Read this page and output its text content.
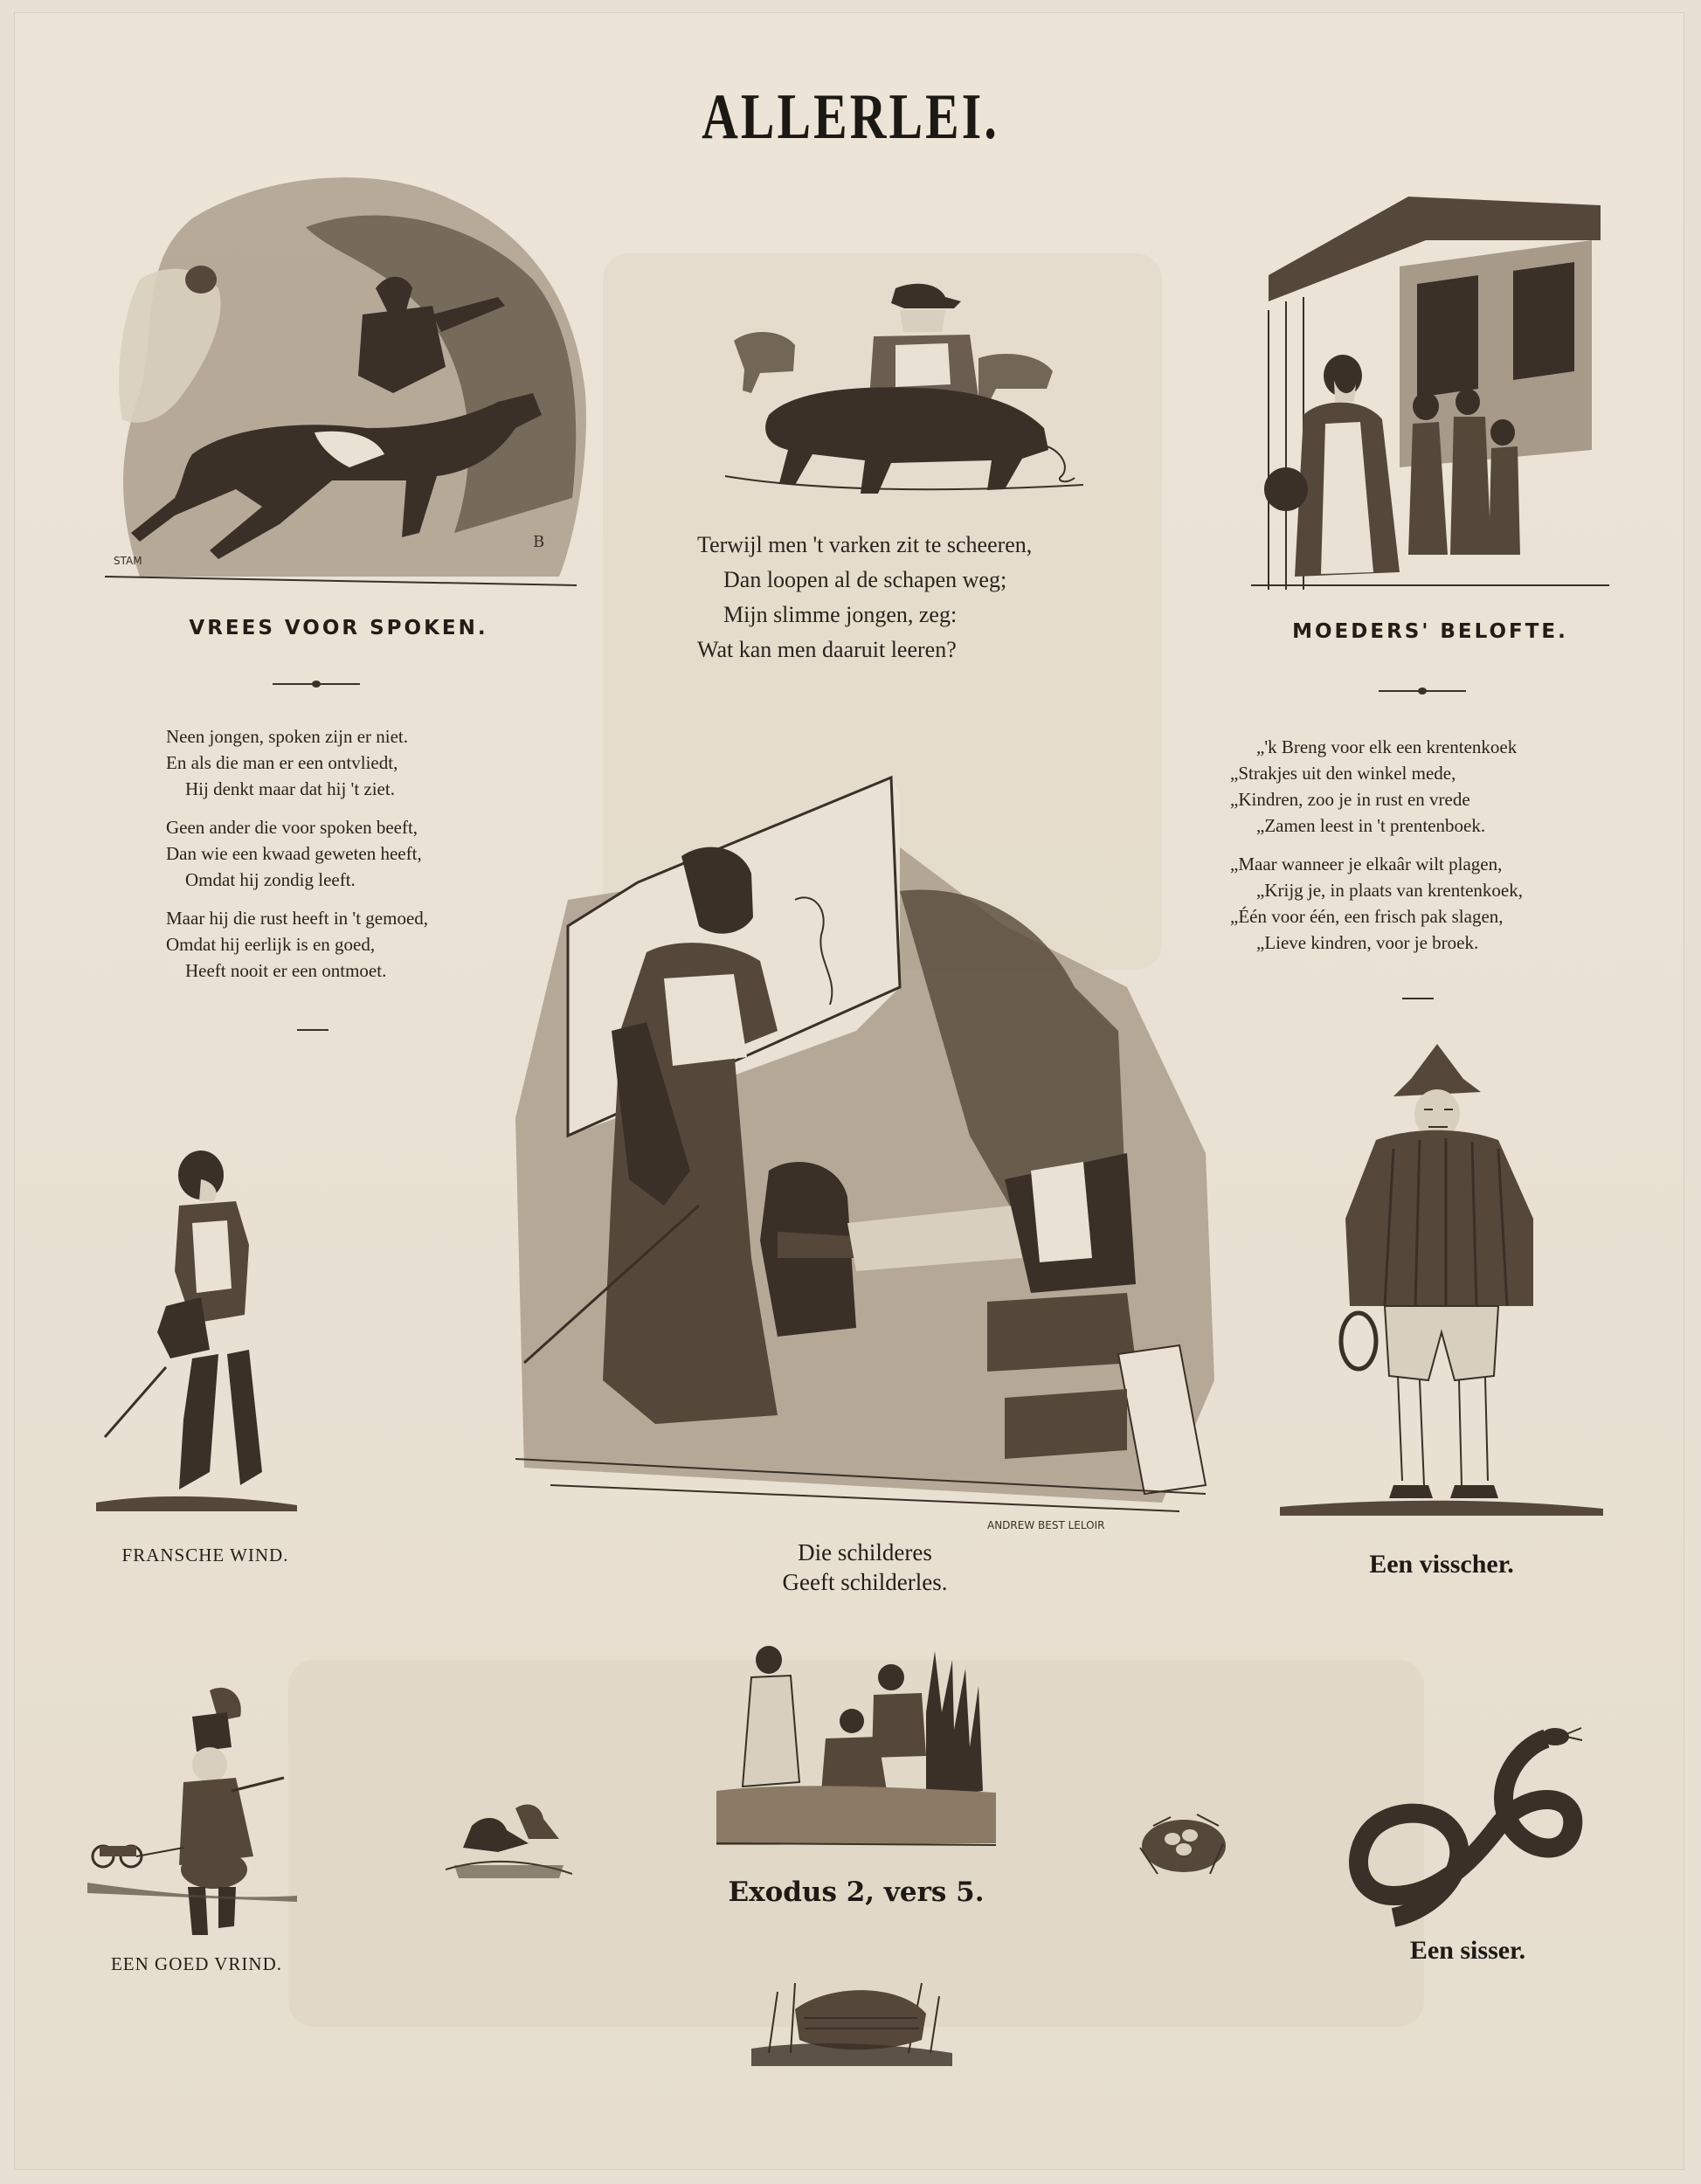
ALLERLEI.
STAM
B
VREES VOOR SPOKEN.
Neen jongen, spoken zijn er niet.
En als die man er een ontvliedt,
Hij denkt maar dat hij 't ziet.
Geen ander die voor spoken beeft,
Dan wie een kwaad geweten heeft,
Omdat hij zondig leeft.
Maar hij die rust heeft in 't gemoed,
Omdat hij eerlijk is en goed,
Heeft nooit er een ontmoet.
Terwijl men 't varken zit te scheeren,
Dan loopen al de schapen weg;
Mijn slimme jongen, zeg:
Wat kan men daaruit leeren?
MOEDERS' BELOFTE.
„'k Breng voor elk een krentenkoek
„Strakjes uit den winkel mede,
„Kindren, zoo je in rust en vrede
„Zamen leest in 't prentenboek.
„Maar wanneer je elkaâr wilt plagen,
„Krijg je, in plaats van krentenkoek,
„Één voor één, een frisch pak slagen,
„Lieve kindren, voor je broek.
ANDREW BEST LELOIR
Die schilderes
Geeft schilderles.
FRANSCHE WIND.	Een visscher.
EEN GOED VRIND.
Exodus 2, vers 5.
Een sisser.
